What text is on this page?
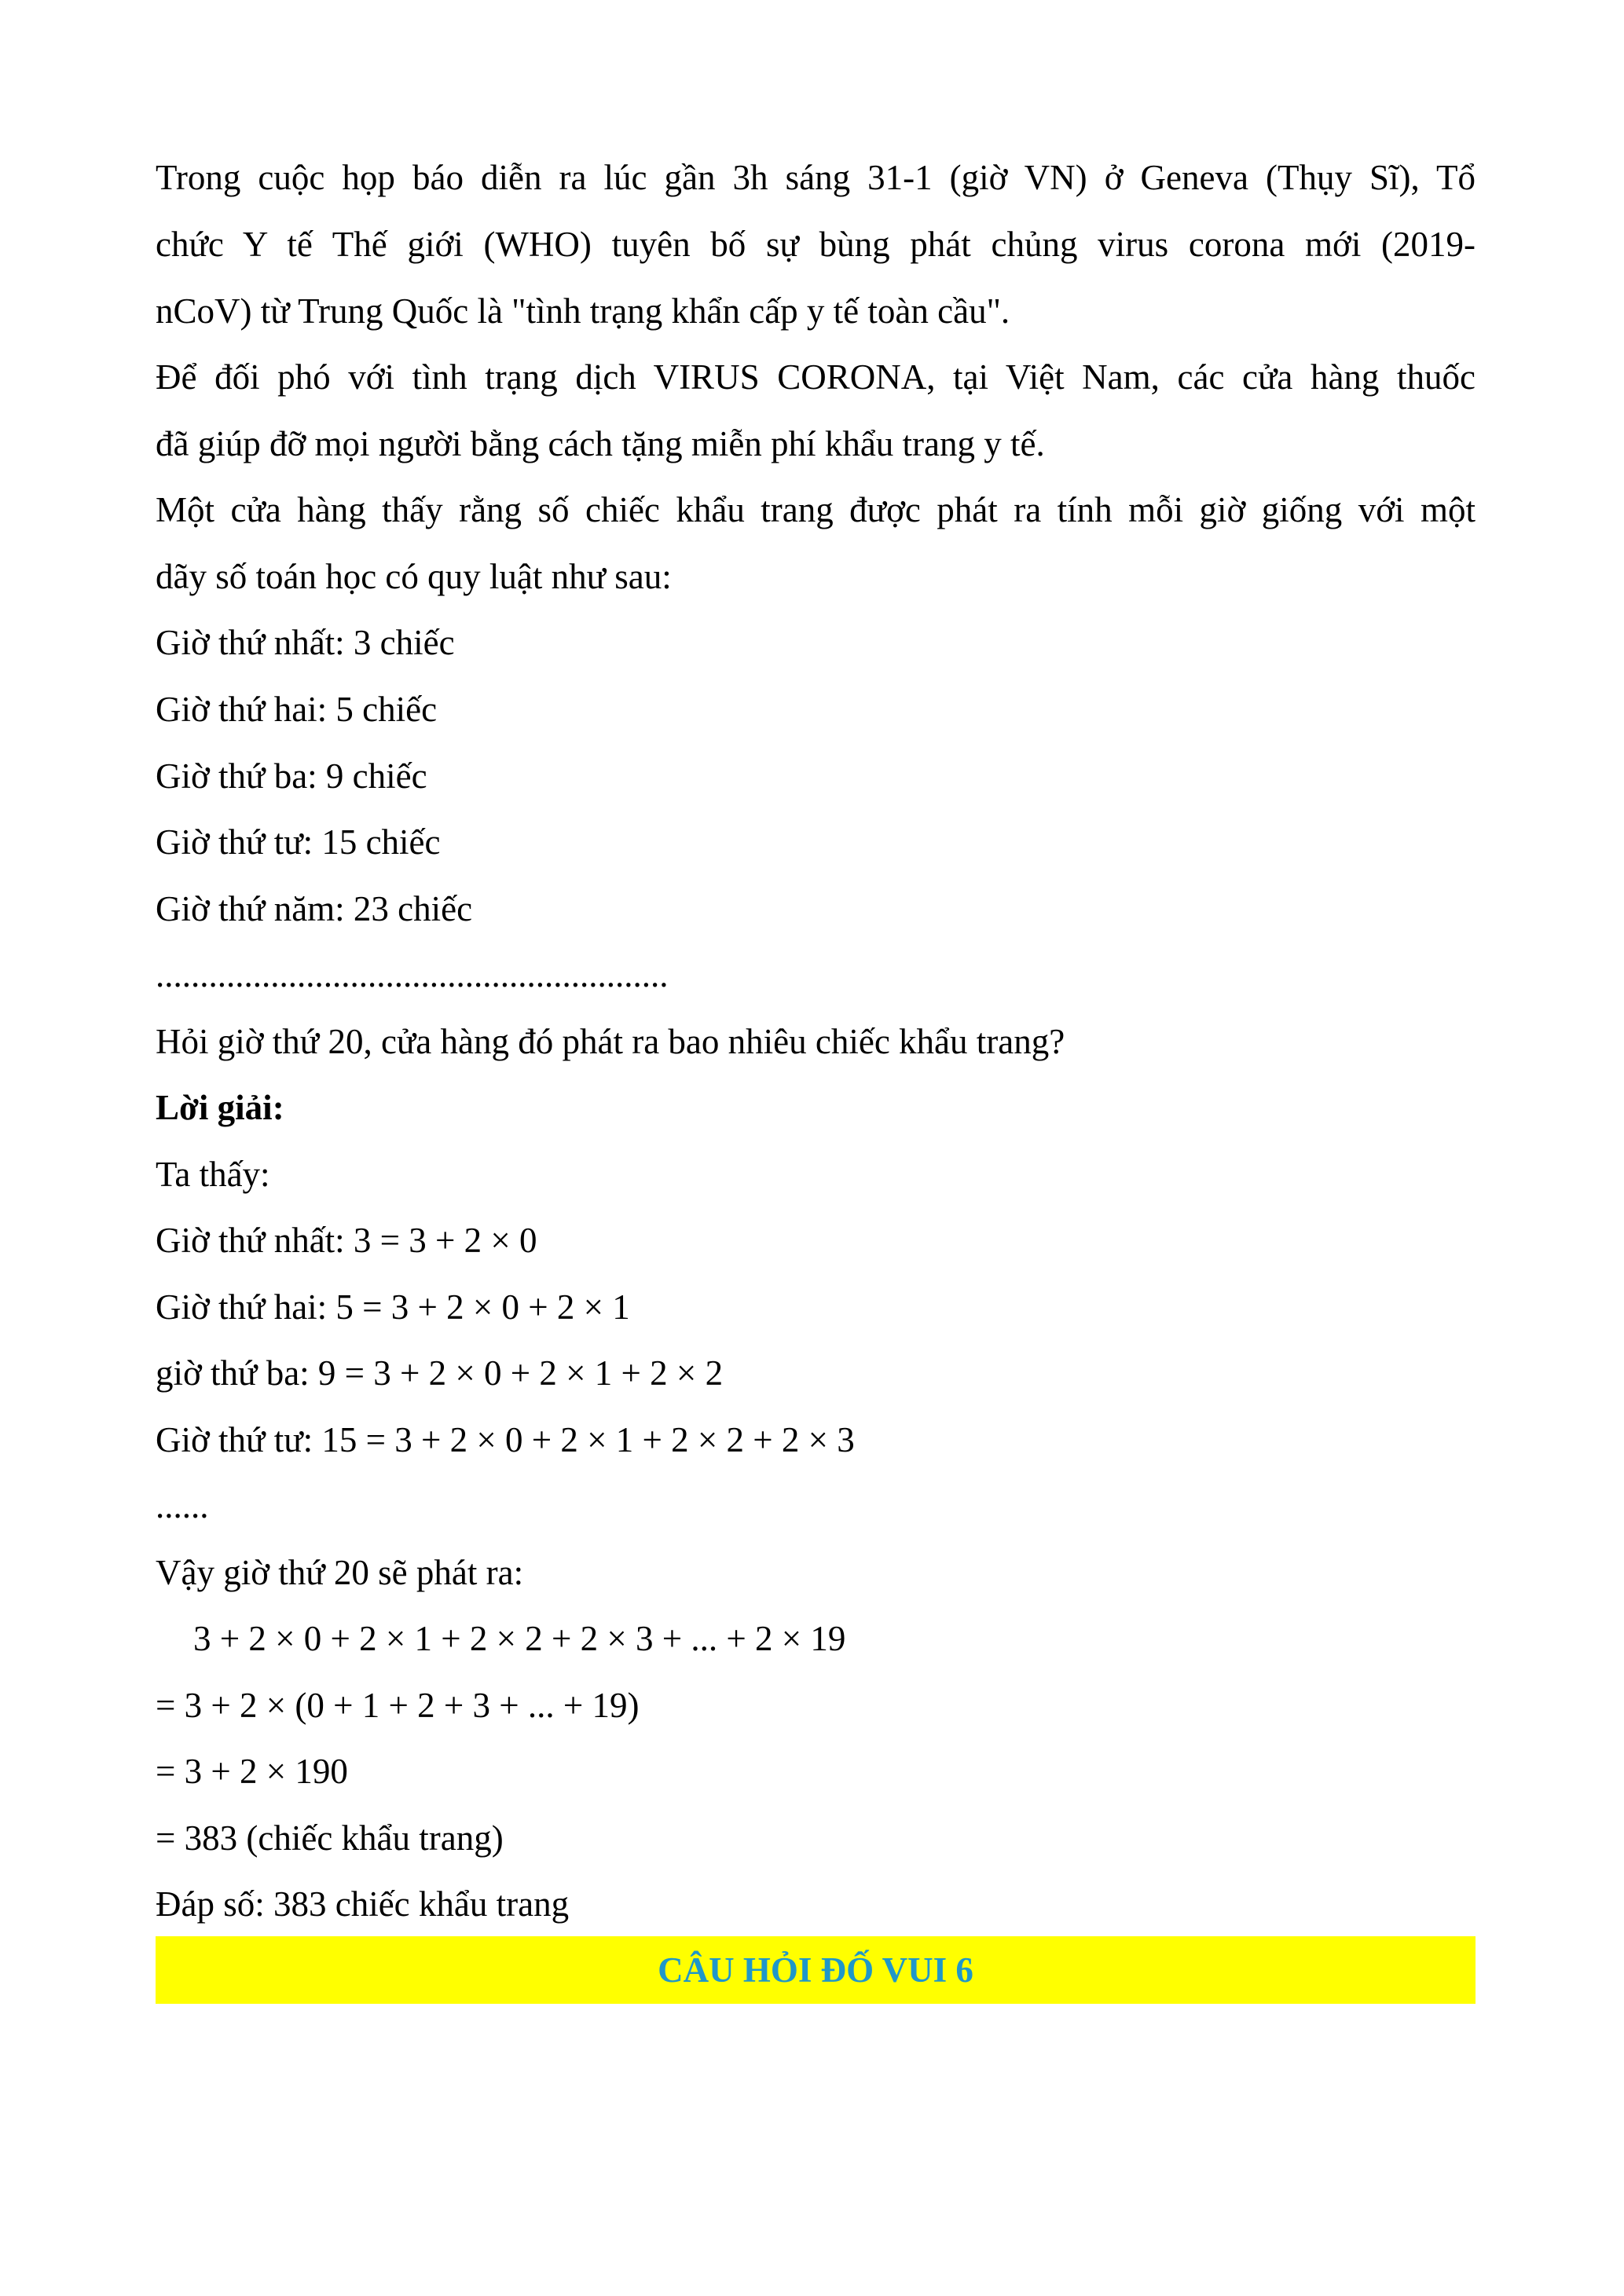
Trong cuộc họp báo diễn ra lúc gần 3h sáng 31-1 (giờ VN) ở Geneva (Thụy Sĩ), Tổ
chức Y tế Thế giới (WHO) tuyên bố sự bùng phát chủng virus corona mới (2019-
nCoV) từ Trung Quốc là "tình trạng khẩn cấp y tế toàn cầu".
Để đối phó với tình trạng dịch VIRUS CORONA, tại Việt Nam, các cửa hàng thuốc
đã giúp đỡ mọi người bằng cách tặng miễn phí khẩu trang y tế.
Một cửa hàng thấy rằng số chiếc khẩu trang được phát ra tính mỗi giờ giống với một
dãy số toán học có quy luật như sau:
Giờ thứ nhất: 3 chiếc
Giờ thứ hai: 5 chiếc
Giờ thứ ba: 9 chiếc
Giờ thứ tư: 15 chiếc
Giờ thứ năm: 23 chiếc
..........................................................
Hỏi giờ thứ 20, cửa hàng đó phát ra bao nhiêu chiếc khẩu trang?
Lời giải:
Ta thấy:
Giờ thứ nhất: 3 = 3 + 2 × 0
Giờ thứ hai: 5 = 3 + 2 × 0 + 2 × 1
giờ thứ ba: 9 = 3 + 2 × 0 + 2 × 1 + 2 × 2
Giờ thứ tư: 15 = 3 + 2 × 0 + 2 × 1 + 2 × 2 + 2 × 3
......
Vậy giờ thứ 20 sẽ phát ra:
3 + 2 × 0 + 2 × 1 + 2 × 2 + 2 × 3 + ... + 2 × 19
= 3 + 2 × (0 + 1 + 2 + 3 + ... + 19)
= 3 + 2 × 190
= 383 (chiếc khẩu trang)
Đáp số: 383 chiếc khẩu trang
CÂU HỎI ĐỐ VUI 6
